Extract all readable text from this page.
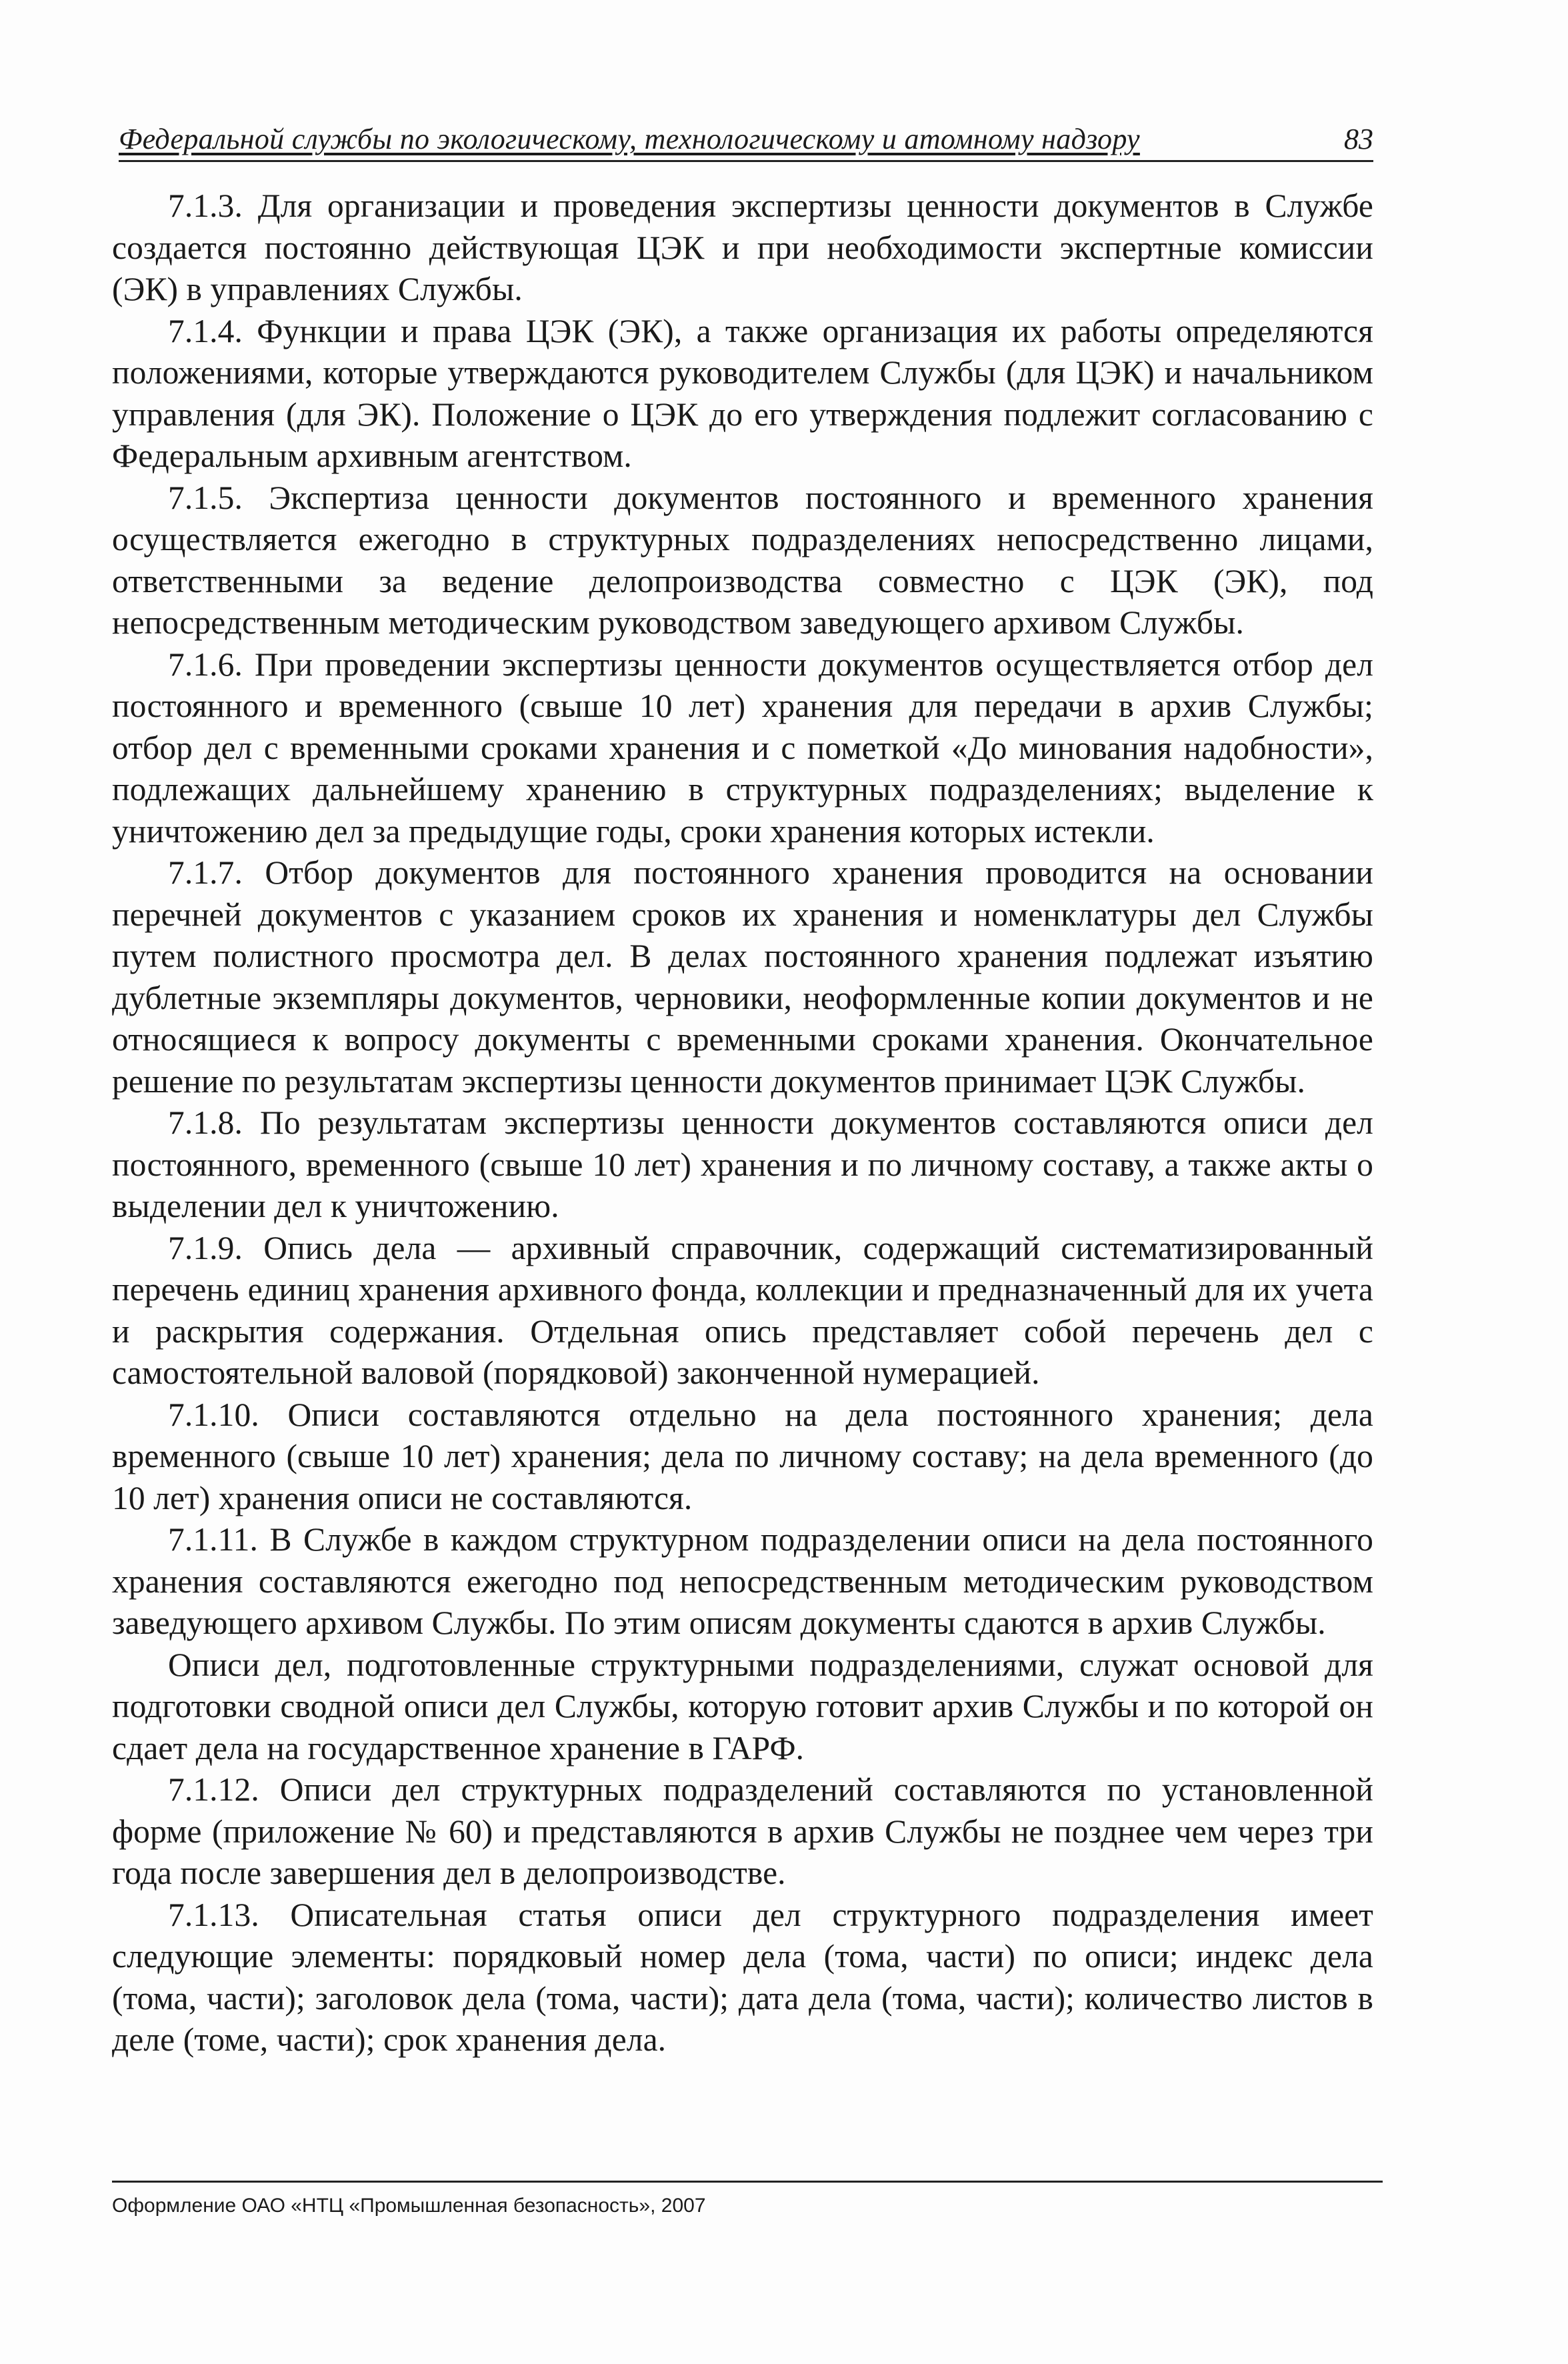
Федеральной службы по экологическому, технологическому и атомному надзору	83

7.1.3. Для организации и проведения экспертизы ценности документов в Службе создается постоянно действующая ЦЭК и при необходимости экспертные комиссии (ЭК) в управлениях Службы.

7.1.4. Функции и права ЦЭК (ЭК), а также организация их работы определяются положениями, которые утверждаются руководителем Службы (для ЦЭК) и начальником управления (для ЭК). Положение о ЦЭК до его утверждения подлежит согласованию с Федеральным архивным агентством.

7.1.5. Экспертиза ценности документов постоянного и временного хранения осуществляется ежегодно в структурных подразделениях непосредственно лицами, ответственными за ведение делопроизводства совместно с ЦЭК (ЭК), под непосредственным методическим руководством заведующего архивом Службы.

7.1.6. При проведении экспертизы ценности документов осуществляется отбор дел постоянного и временного (свыше 10 лет) хранения для передачи в архив Службы; отбор дел с временными сроками хранения и с пометкой «До минования надобности», подлежащих дальнейшему хранению в структурных подразделениях; выделение к уничтожению дел за предыдущие годы, сроки хранения которых истекли.

7.1.7. Отбор документов для постоянного хранения проводится на основании перечней документов с указанием сроков их хранения и номенклатуры дел Службы путем полистного просмотра дел. В делах постоянного хранения подлежат изъятию дублетные экземпляры документов, черновики, неоформленные копии документов и не относящиеся к вопросу документы с временными сроками хранения. Окончательное решение по результатам экспертизы ценности документов принимает ЦЭК Службы.

7.1.8. По результатам экспертизы ценности документов составляются описи дел постоянного, временного (свыше 10 лет) хранения и по личному составу, а также акты о выделении дел к уничтожению.

7.1.9. Опись дела — архивный справочник, содержащий систематизированный перечень единиц хранения архивного фонда, коллекции и предназначенный для их учета и раскрытия содержания. Отдельная опись представляет собой перечень дел с самостоятельной валовой (порядковой) законченной нумерацией.

7.1.10. Описи составляются отдельно на дела постоянного хранения; дела временного (свыше 10 лет) хранения; дела по личному составу; на дела временного (до 10 лет) хранения описи не составляются.

7.1.11. В Службе в каждом структурном подразделении описи на дела постоянного хранения составляются ежегодно под непосредственным методическим руководством заведующего архивом Службы. По этим описям документы сдаются в архив Службы.

Описи дел, подготовленные структурными подразделениями, служат основой для подготовки сводной описи дел Службы, которую готовит архив Службы и по которой он сдает дела на государственное хранение в ГАРФ.

7.1.12. Описи дел структурных подразделений составляются по установленной форме (приложение № 60) и представляются в архив Службы не позднее чем через три года после завершения дел в делопроизводстве.

7.1.13. Описательная статья описи дел структурного подразделения имеет следующие элементы: порядковый номер дела (тома, части) по описи; индекс дела (тома, части); заголовок дела (тома, части); дата дела (тома, части); количество листов в деле (томе, части); срок хранения дела.

Оформление ОАО «НТЦ «Промышленная безопасность», 2007
